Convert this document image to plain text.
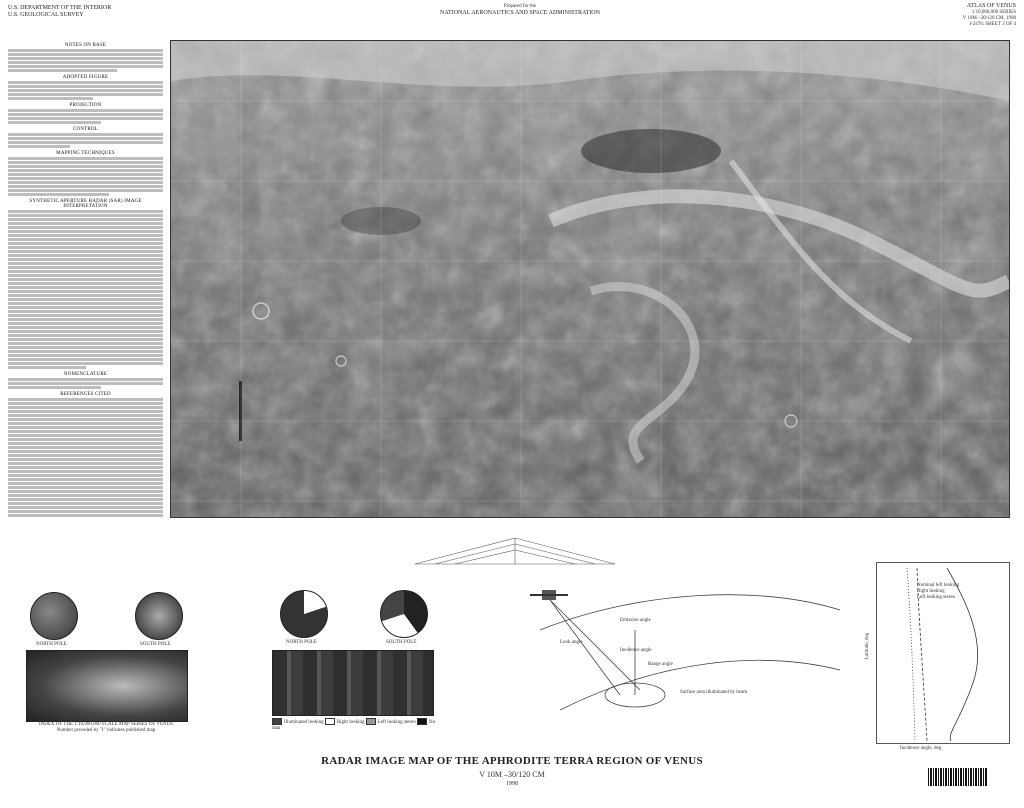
U.S. DEPARTMENT OF THE INTERIOR
U.S. GEOLOGICAL SURVEY
Prepared for the
NATIONAL AERONAUTICS AND SPACE ADMINISTRATION
ATLAS OF VENUS
1:10,000,000 SERIES
V 10M –30/120 CM, 1998
I-2476: SHEET 3 OF 4
NOTES ON BASE
ADOPTED FIGURE
PROJECTION
CONTROL
MAPPING TECHNIQUES
SYNTHETIC APERTURE RADAR (SAR) IMAGE INTERPRETATION
NOMENCLATURE
REFERENCES CITED
NORTH POLE	SOUTH POLE
INDEX OF THE 1:10,000,000 SCALE MAP SERIES OF VENUS
Number preceded by "I" indicates published map
NORTH POLE	SOUTH POLE
Illuminated looking	Right looking	Left looking stereo	No data
Emission angle
Look angle
Incidence angle
Range angle
Surface area illuminated by beam
Nominal left looking
Right looking
Left looking stereo
Latitude, deg
Incidence angle, deg
RADAR IMAGE MAP OF THE APHRODITE TERRA REGION OF VENUS
V 10M –30/120 CM
1998
